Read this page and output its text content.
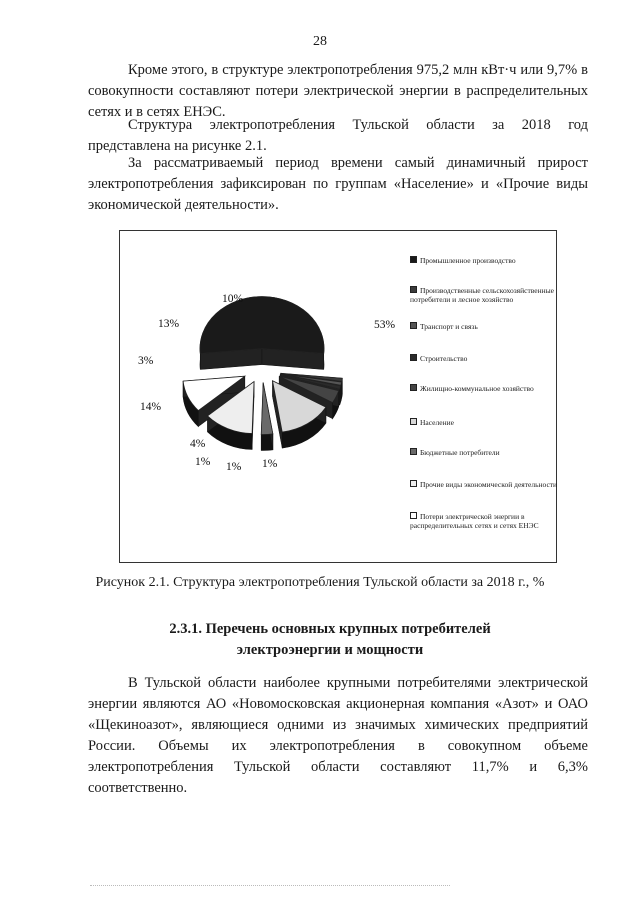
28

Кроме этого, в структуре электропотребления 975,2 млн кВт·ч или 9,7% в совокупности составляют потери электрической энергии в распределительных сетях и в сетях ЕНЭС.

Структура электропотребления Тульской области за 2018 год представлена на рисунке 2.1.

За рассматриваемый период времени самый динамичный прирост электропотребления зафиксирован по группам «Население» и «Прочие виды экономической деятельности».

53%
1%
1%
1%
4%
14%
3%
13%
10%
Промышленное производство
Производственные сельскохозяйственные потребители и лесное хозяйство
Транспорт и связь
Строительство
Жилищно-коммунальное хозяйство
Население
Бюджетные потребители
Прочие виды экономической деятельности
Потери электрической энергии в распределительных сетях и сетях ЕНЭС
Рисунок 2.1. Структура электропотребления Тульской области за 2018 г., %
2.3.1. Перечень основных крупных потребителей
электроэнергии и мощности

В Тульской области наиболее крупными потребителями электрической энергии являются АО «Новомосковская акционерная компания «Азот» и ОАО «Щекиноазот», являющиеся одними из значимых химических предприятий России. Объемы их электропотребления в совокупном объеме электропотребления Тульской области составляют 11,7% и 6,3% соответственно.
